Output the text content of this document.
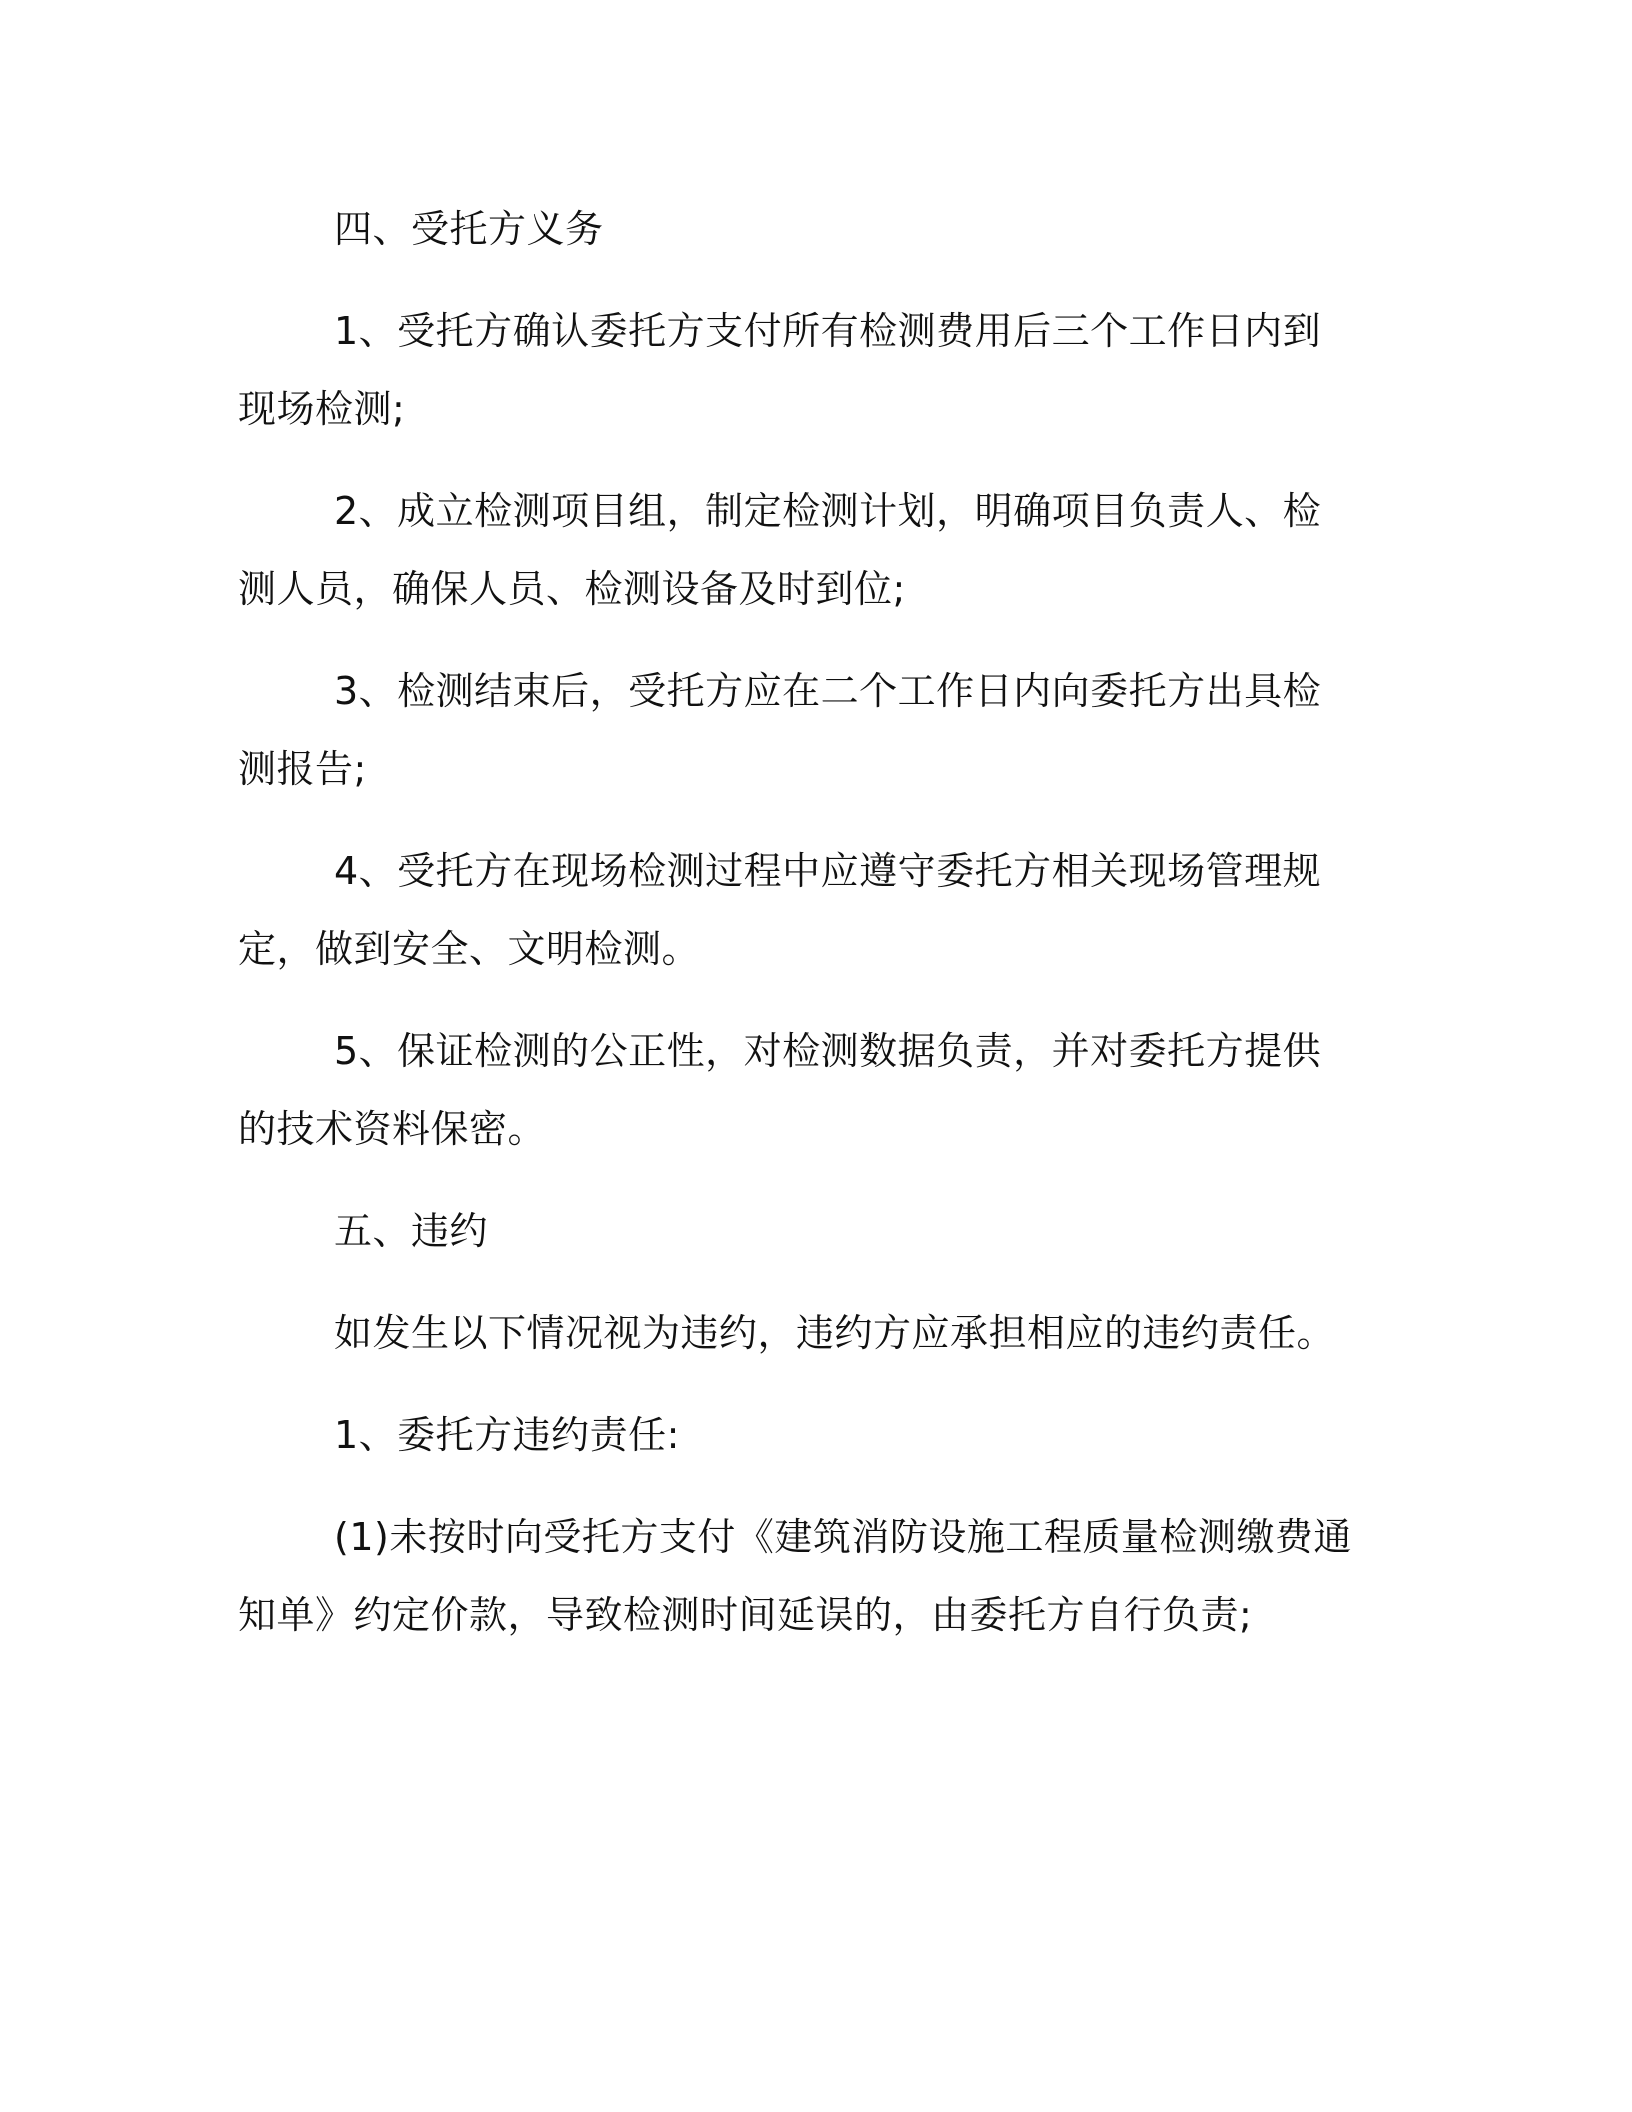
四、受托方义务

1、受托方确认委托方支付所有检测费用后三个工作日内到现场检测;

2、成立检测项目组，制定检测计划，明确项目负责人、检测人员，确保人员、检测设备及时到位;

3、检测结束后，受托方应在二个工作日内向委托方出具检测报告;

4、受托方在现场检测过程中应遵守委托方相关现场管理规定，做到安全、文明检测。

5、保证检测的公正性，对检测数据负责，并对委托方提供的技术资料保密。

五、违约

如发生以下情况视为违约，违约方应承担相应的违约责任。

1、委托方违约责任:

(1)未按时向受托方支付《建筑消防设施工程质量检测缴费通知单》约定价款，导致检测时间延误的，由委托方自行负责;
